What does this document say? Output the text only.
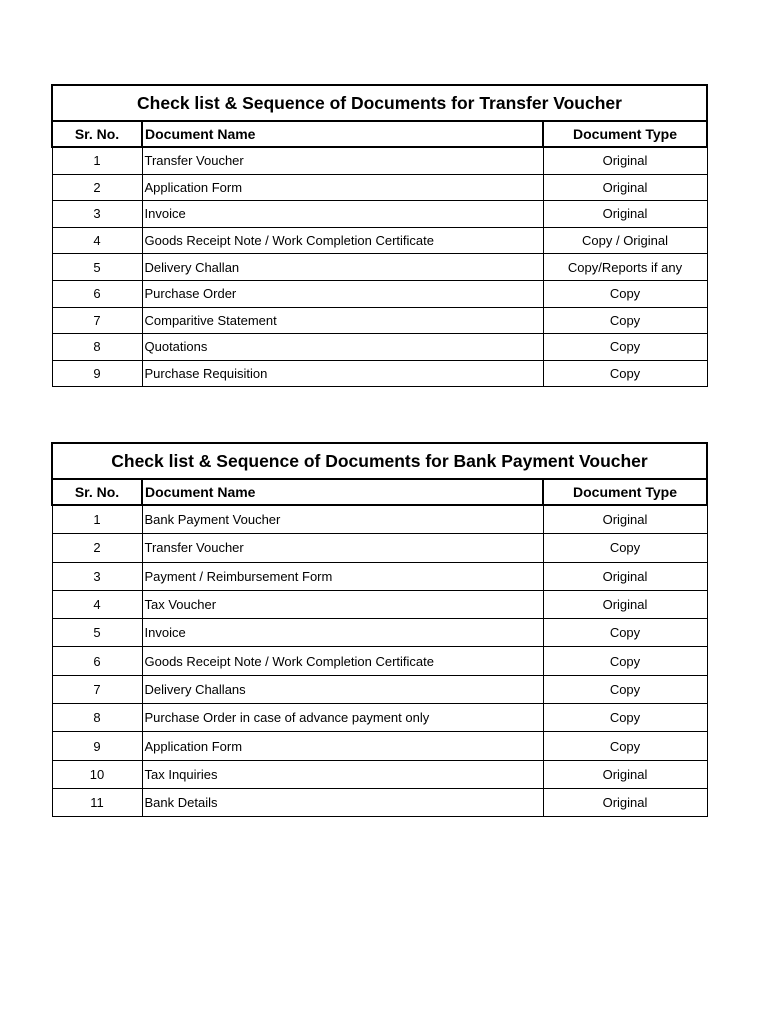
Check list & Sequence of Documents for Transfer Voucher		
Sr. No.	Document Name	Document Type
1	Transfer Voucher	Original
2	Application Form	Original
3	Invoice	Original
4	Goods Receipt Note / Work Completion Certificate	Copy / Original
5	Delivery Challan	Copy/Reports if any
6	Purchase Order	Copy
7	Comparitive Statement	Copy
8	Quotations	Copy
9	Purchase Requisition	Copy
Check list & Sequence of Documents for Bank Payment Voucher		
Sr. No.	Document Name	Document Type
1	Bank Payment Voucher	Original
2	Transfer Voucher	Copy
3	Payment / Reimbursement Form	Original
4	Tax Voucher	Original
5	Invoice	Copy
6	Goods Receipt Note / Work Completion Certificate	Copy
7	Delivery Challans	Copy
8	Purchase Order in case of advance payment only	Copy
9	Application Form	Copy
10	Tax Inquiries	Original
11	Bank Details	Original
